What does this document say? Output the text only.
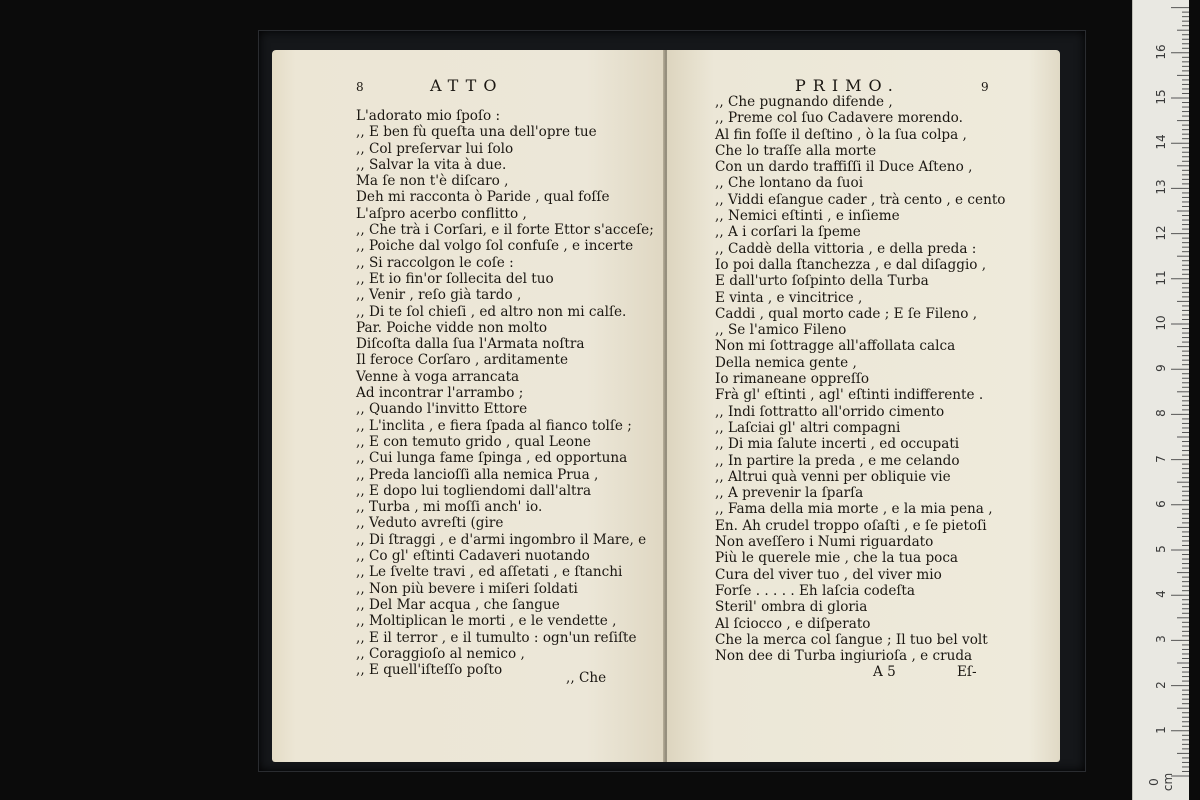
8	ATTO
L'adorato mio ſpoſo :
,, E ben fù queſta una dell'opre tue
,, Col preſervar lui ſolo
,, Salvar la vita à due.
Ma ſe non t'è diſcaro ,
Deh mi racconta ò Paride , qual foſſe
L'aſpro acerbo conflitto ,
,, Che trà i Corſari, e il forte Ettor s'acceſe;
,, Poiche dal volgo ſol confuſe , e incerte
,, Si raccolgon le coſe :
,, Et io fin'or ſollecita del tuo
,, Venir , reſo già tardo ,
,, Di te ſol chieſi , ed altro non mi calſe.
Par. Poiche vidde non molto
Diſcoſta dalla ſua l'Armata noſtra
Il feroce Corſaro , arditamente
Venne à voga arrancata
Ad incontrar l'arrambo ;
,, Quando l'invitto Ettore
,, L'inclita , e fiera ſpada al fianco tolſe ;
,, E con temuto grido , qual Leone
,, Cui lunga fame ſpinga , ed opportuna
,, Preda lancioſſi alla nemica Prua ,
,, E dopo lui togliendomi dall'altra
,, Turba , mi moſſi anch' io.
,, Veduto avreſti (gire
,, Di ſtraggi , e d'armi ingombro il Mare, e
,, Co gl' eſtinti Cadaveri nuotando
,, Le ſvelte travi , ed aſſetati , e ſtanchi
,, Non più bevere i miſeri ſoldati
,, Del Mar acqua , che ſangue
,, Moltiplican le morti , e le vendette ,
,, E il terror , e il tumulto : ogn'un reſiſte
,, Coraggioſo al nemico ,
,, E quell'iſteſſo poſto	,, Che
PRIMO.	9
,, Che pugnando difende ,
,, Preme col ſuo Cadavere morendo.
Al fin foſſe il deſtino , ò la ſua colpa ,
Che lo traſſe alla morte
Con un dardo traffiſſi il Duce Aſteno ,
,, Che lontano da ſuoi
,, Viddi eſangue cader , trà cento , e cento
,, Nemici eſtinti , e inſieme
,, A i corſari la ſpeme
,, Caddè della vittoria , e della preda :
Io poi dalla ſtanchezza , e dal diſaggio ,
E dall'urto ſoſpinto della Turba
E vinta , e vincitrice ,
Caddi , qual morto cade ; E ſe Fileno ,
,, Se l'amico Fileno
Non mi ſottragge all'affollata calca
Della nemica gente ,
Io rimaneane oppreſſo
Frà gl' eſtinti , agl' eſtinti indifferente .
,, Indi ſottratto all'orrido cimento
,, Laſciai gl' altri compagni
,, Di mia ſalute incerti , ed occupati
,, In partire la preda , e me celando
,, Altrui quà venni per obliquie vie
,, A prevenir la ſparſa
,, Fama della mia morte , e la mia pena ,
En. Ah crudel troppo oſaſti , e ſe pietoſi
Non aveſſero i Numi riguardato
Più le querele mie , che la tua poca
Cura del viver tuo , del viver mio
Forſe . . . . . Eh laſcia codeſta
Steril' ombra di gloria
Al ſciocco , e diſperato
Che la merca col ſangue ; Il tuo bel volt
Non dee di Turba ingiurioſa , e cruda
A 5	Eſ-
0 cm
1
2
3
4
5
6
7
8
9
10
11
12
13
14
15
16
